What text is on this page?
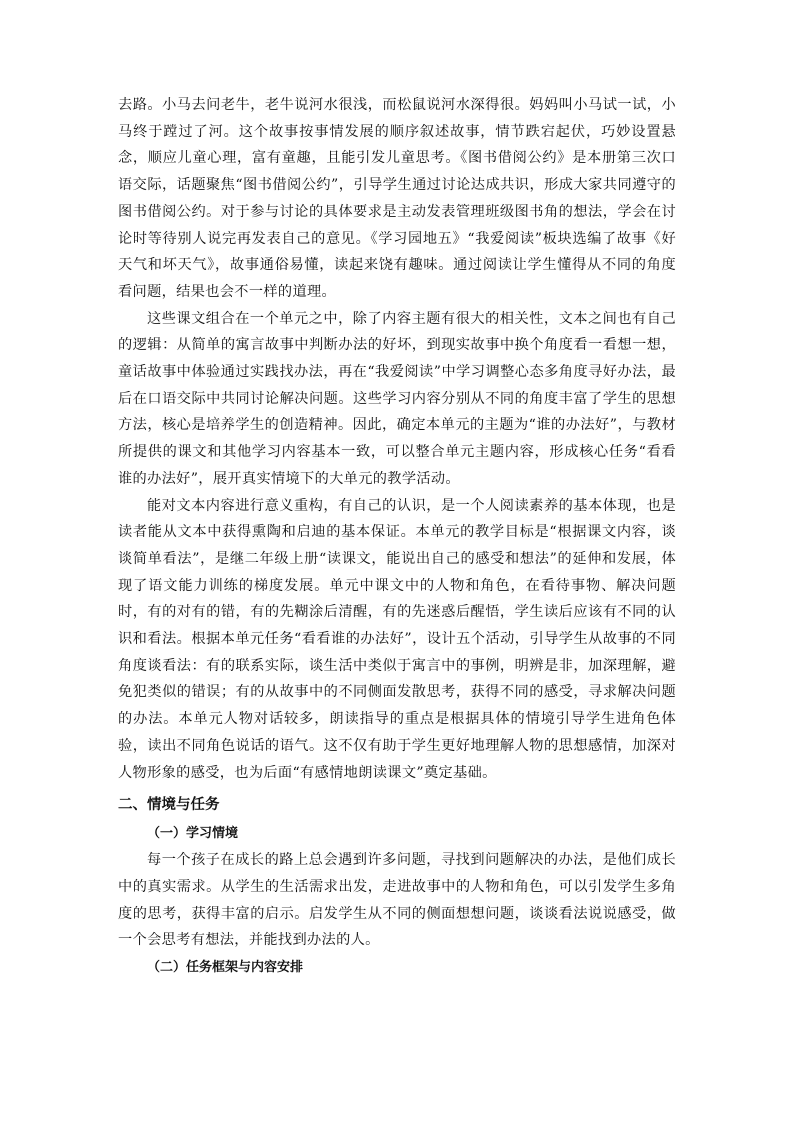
去路。小马去问老牛，老牛说河水很浅，而松鼠说河水深得很。妈妈叫小马试一试，小马终于蹚过了河。这个故事按事情发展的顺序叙述故事，情节跌宕起伏，巧妙设置悬念，顺应儿童心理，富有童趣，且能引发儿童思考。《图书借阅公约》是本册第三次口语交际，话题聚焦“图书借阅公约”，引导学生通过讨论达成共识，形成大家共同遵守的图书借阅公约。对于参与讨论的具体要求是主动发表管理班级图书角的想法，学会在讨论时等待别人说完再发表自己的意见。《学习园地五》“我爱阅读”板块选编了故事《好天气和坏天气》，故事通俗易懂，读起来饶有趣味。通过阅读让学生懂得从不同的角度看问题，结果也会不一样的道理。

这些课文组合在一个单元之中，除了内容主题有很大的相关性，文本之间也有自己的逻辑：从简单的寓言故事中判断办法的好坏，到现实故事中换个角度看一看想一想，童话故事中体验通过实践找办法，再在“我爱阅读”中学习调整心态多角度寻好办法，最后在口语交际中共同讨论解决问题。这些学习内容分别从不同的角度丰富了学生的思想方法，核心是培养学生的创造精神。因此，确定本单元的主题为“谁的办法好”，与教材所提供的课文和其他学习内容基本一致，可以整合单元主题内容，形成核心任务“看看谁的办法好”，展开真实情境下的大单元的教学活动。

能对文本内容进行意义重构，有自己的认识，是一个人阅读素养的基本体现，也是读者能从文本中获得熏陶和启迪的基本保证。本单元的教学目标是“根据课文内容，谈谈简单看法”，是继二年级上册“读课文，能说出自己的感受和想法”的延伸和发展，体现了语文能力训练的梯度发展。单元中课文中的人物和角色，在看待事物、解决问题时，有的对有的错，有的先糊涂后清醒，有的先迷惑后醒悟，学生读后应该有不同的认识和看法。根据本单元任务“看看谁的办法好”，设计五个活动，引导学生从故事的不同角度谈看法：有的联系实际，谈生活中类似于寓言中的事例，明辨是非，加深理解，避免犯类似的错误；有的从故事中的不同侧面发散思考，获得不同的感受，寻求解决问题的办法。本单元人物对话较多，朗读指导的重点是根据具体的情境引导学生进角色体验，读出不同角色说话的语气。这不仅有助于学生更好地理解人物的思想感情，加深对人物形象的感受，也为后面“有感情地朗读课文”奠定基础。

二、情境与任务
（一）学习情境

每一个孩子在成长的路上总会遇到许多问题，寻找到问题解决的办法，是他们成长中的真实需求。从学生的生活需求出发，走进故事中的人物和角色，可以引发学生多角度的思考，获得丰富的启示。启发学生从不同的侧面想想问题，谈谈看法说说感受，做一个会思考有想法，并能找到办法的人。

（二）任务框架与内容安排
